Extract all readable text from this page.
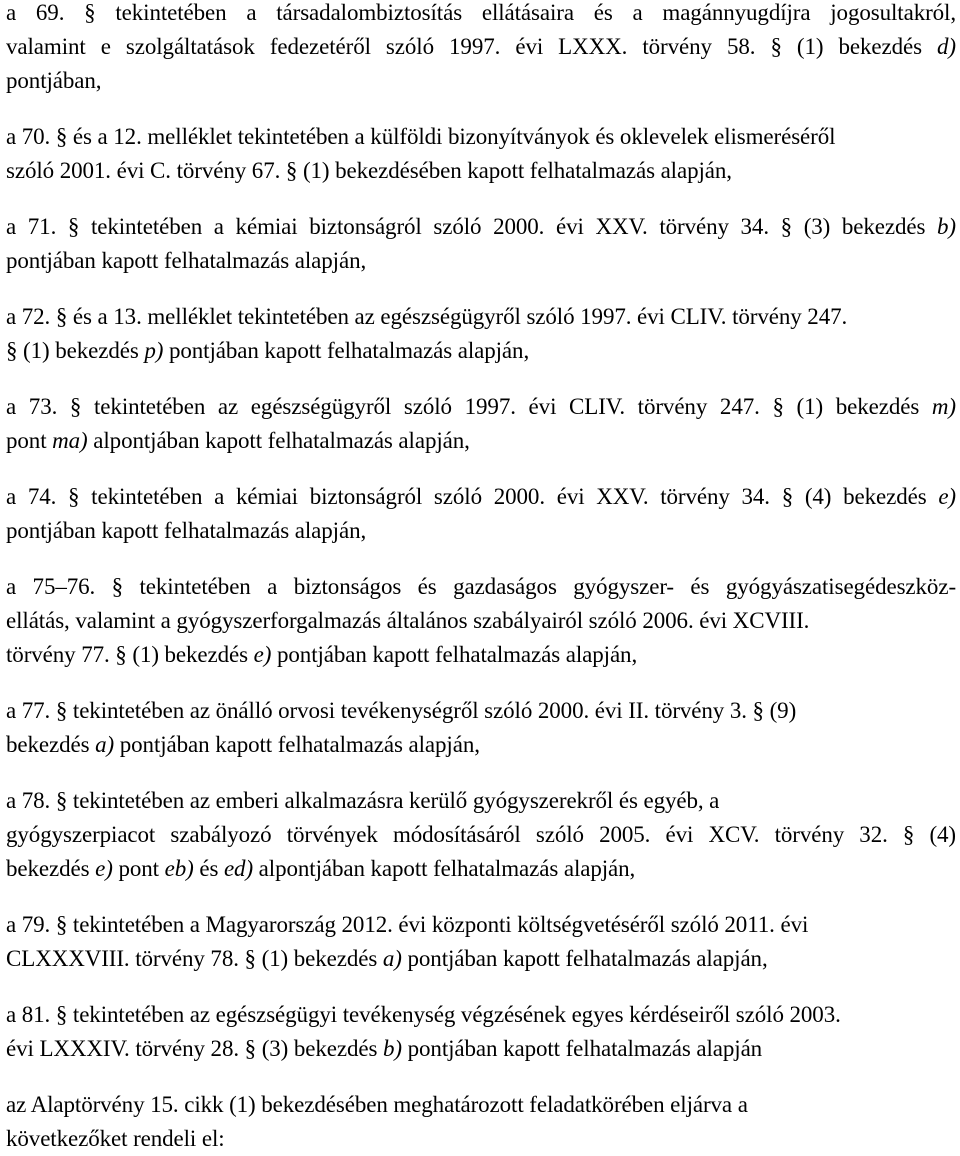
a 69. § tekintetében a társadalombiztosítás ellátásaira és a magánnyugdíjra jogosultakról,
valamint e szolgáltatások fedezetéről szóló 1997. évi LXXX. törvény 58. § (1) bekezdés d)
pontjában,

a 70. § és a 12. melléklet tekintetében a külföldi bizonyítványok és oklevelek elismeréséről
szóló 2001. évi C. törvény 67. § (1) bekezdésében kapott felhatalmazás alapján,

a 71. § tekintetében a kémiai biztonságról szóló 2000. évi XXV. törvény 34. § (3) bekezdés b)
pontjában kapott felhatalmazás alapján,

a 72. § és a 13. melléklet tekintetében az egészségügyről szóló 1997. évi CLIV. törvény 247.
§ (1) bekezdés p) pontjában kapott felhatalmazás alapján,

a 73. § tekintetében az egészségügyről szóló 1997. évi CLIV. törvény 247. § (1) bekezdés m)
pont ma) alpontjában kapott felhatalmazás alapján,

a 74. § tekintetében a kémiai biztonságról szóló 2000. évi XXV. törvény 34. § (4) bekezdés e)
pontjában kapott felhatalmazás alapján,

a 75–76. § tekintetében a biztonságos és gazdaságos gyógyszer- és gyógyászatisegédeszköz-
ellátás, valamint a gyógyszerforgalmazás általános szabályairól szóló 2006. évi XCVIII.
törvény 77. § (1) bekezdés e) pontjában kapott felhatalmazás alapján,

a 77. § tekintetében az önálló orvosi tevékenységről szóló 2000. évi II. törvény 3. § (9)
bekezdés a) pontjában kapott felhatalmazás alapján,

a 78. § tekintetében az emberi alkalmazásra kerülő gyógyszerekről és egyéb, a
gyógyszerpiacot szabályozó törvények módosításáról szóló 2005. évi XCV. törvény 32. § (4)
bekezdés e) pont eb) és ed) alpontjában kapott felhatalmazás alapján,

a 79. § tekintetében a Magyarország 2012. évi központi költségvetéséről szóló 2011. évi
CLXXXVIII. törvény 78. § (1) bekezdés a) pontjában kapott felhatalmazás alapján,

a 81. § tekintetében az egészségügyi tevékenység végzésének egyes kérdéseiről szóló 2003.
évi LXXXIV. törvény 28. § (3) bekezdés b) pontjában kapott felhatalmazás alapján

az Alaptörvény 15. cikk (1) bekezdésében meghatározott feladatkörében eljárva a
következőket rendeli el:
